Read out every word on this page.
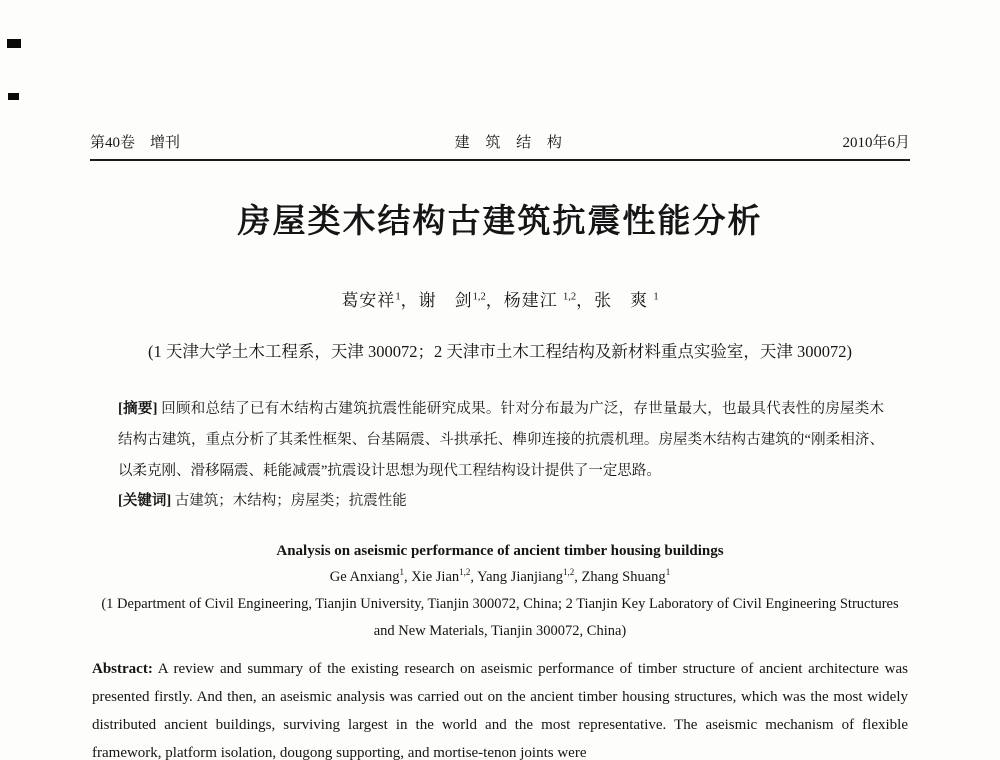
第40卷　增刊	建 筑 结 构	2010年6月
房屋类木结构古建筑抗震性能分析
葛安祥$^1$，谢　剑$^{1,2}$，杨建江 $^{1,2}$，张　爽 $^1$
(1 天津大学土木工程系，天津 300072；2 天津市土木工程结构及新材料重点实验室，天津 300072)

[摘要] 回顾和总结了已有木结构古建筑抗震性能研究成果。针对分布最为广泛，存世量最大，也最具代表性的房屋类木结构古建筑，重点分析了其柔性框架、台基隔震、斗拱承托、榫卯连接的抗震机理。房屋类木结构古建筑的“刚柔相济、以柔克刚、滑移隔震、耗能减震”抗震设计思想为现代工程结构设计提供了一定思路。

[关键词] 古建筑；木结构；房屋类；抗震性能

Analysis on aseismic performance of ancient timber housing buildings
Ge Anxiang$^1$, Xie Jian$^{1,2}$, Yang Jianjiang$^{1,2}$, Zhang Shuang$^1$
(1 Department of Civil Engineering, Tianjin University, Tianjin 300072, China; 2 Tianjin Key Laboratory of Civil Engineering Structures and New Materials, Tianjin 300072, China)

Abstract: A review and summary of the existing research on aseismic performance of timber structure of ancient architecture was presented firstly. And then, an aseismic analysis was carried out on the ancient timber housing structures, which was the most widely distributed ancient buildings, surviving largest in the world and the most representative. The aseismic mechanism of flexible framework, platform isolation, dougong supporting, and mortise-tenon joints were
